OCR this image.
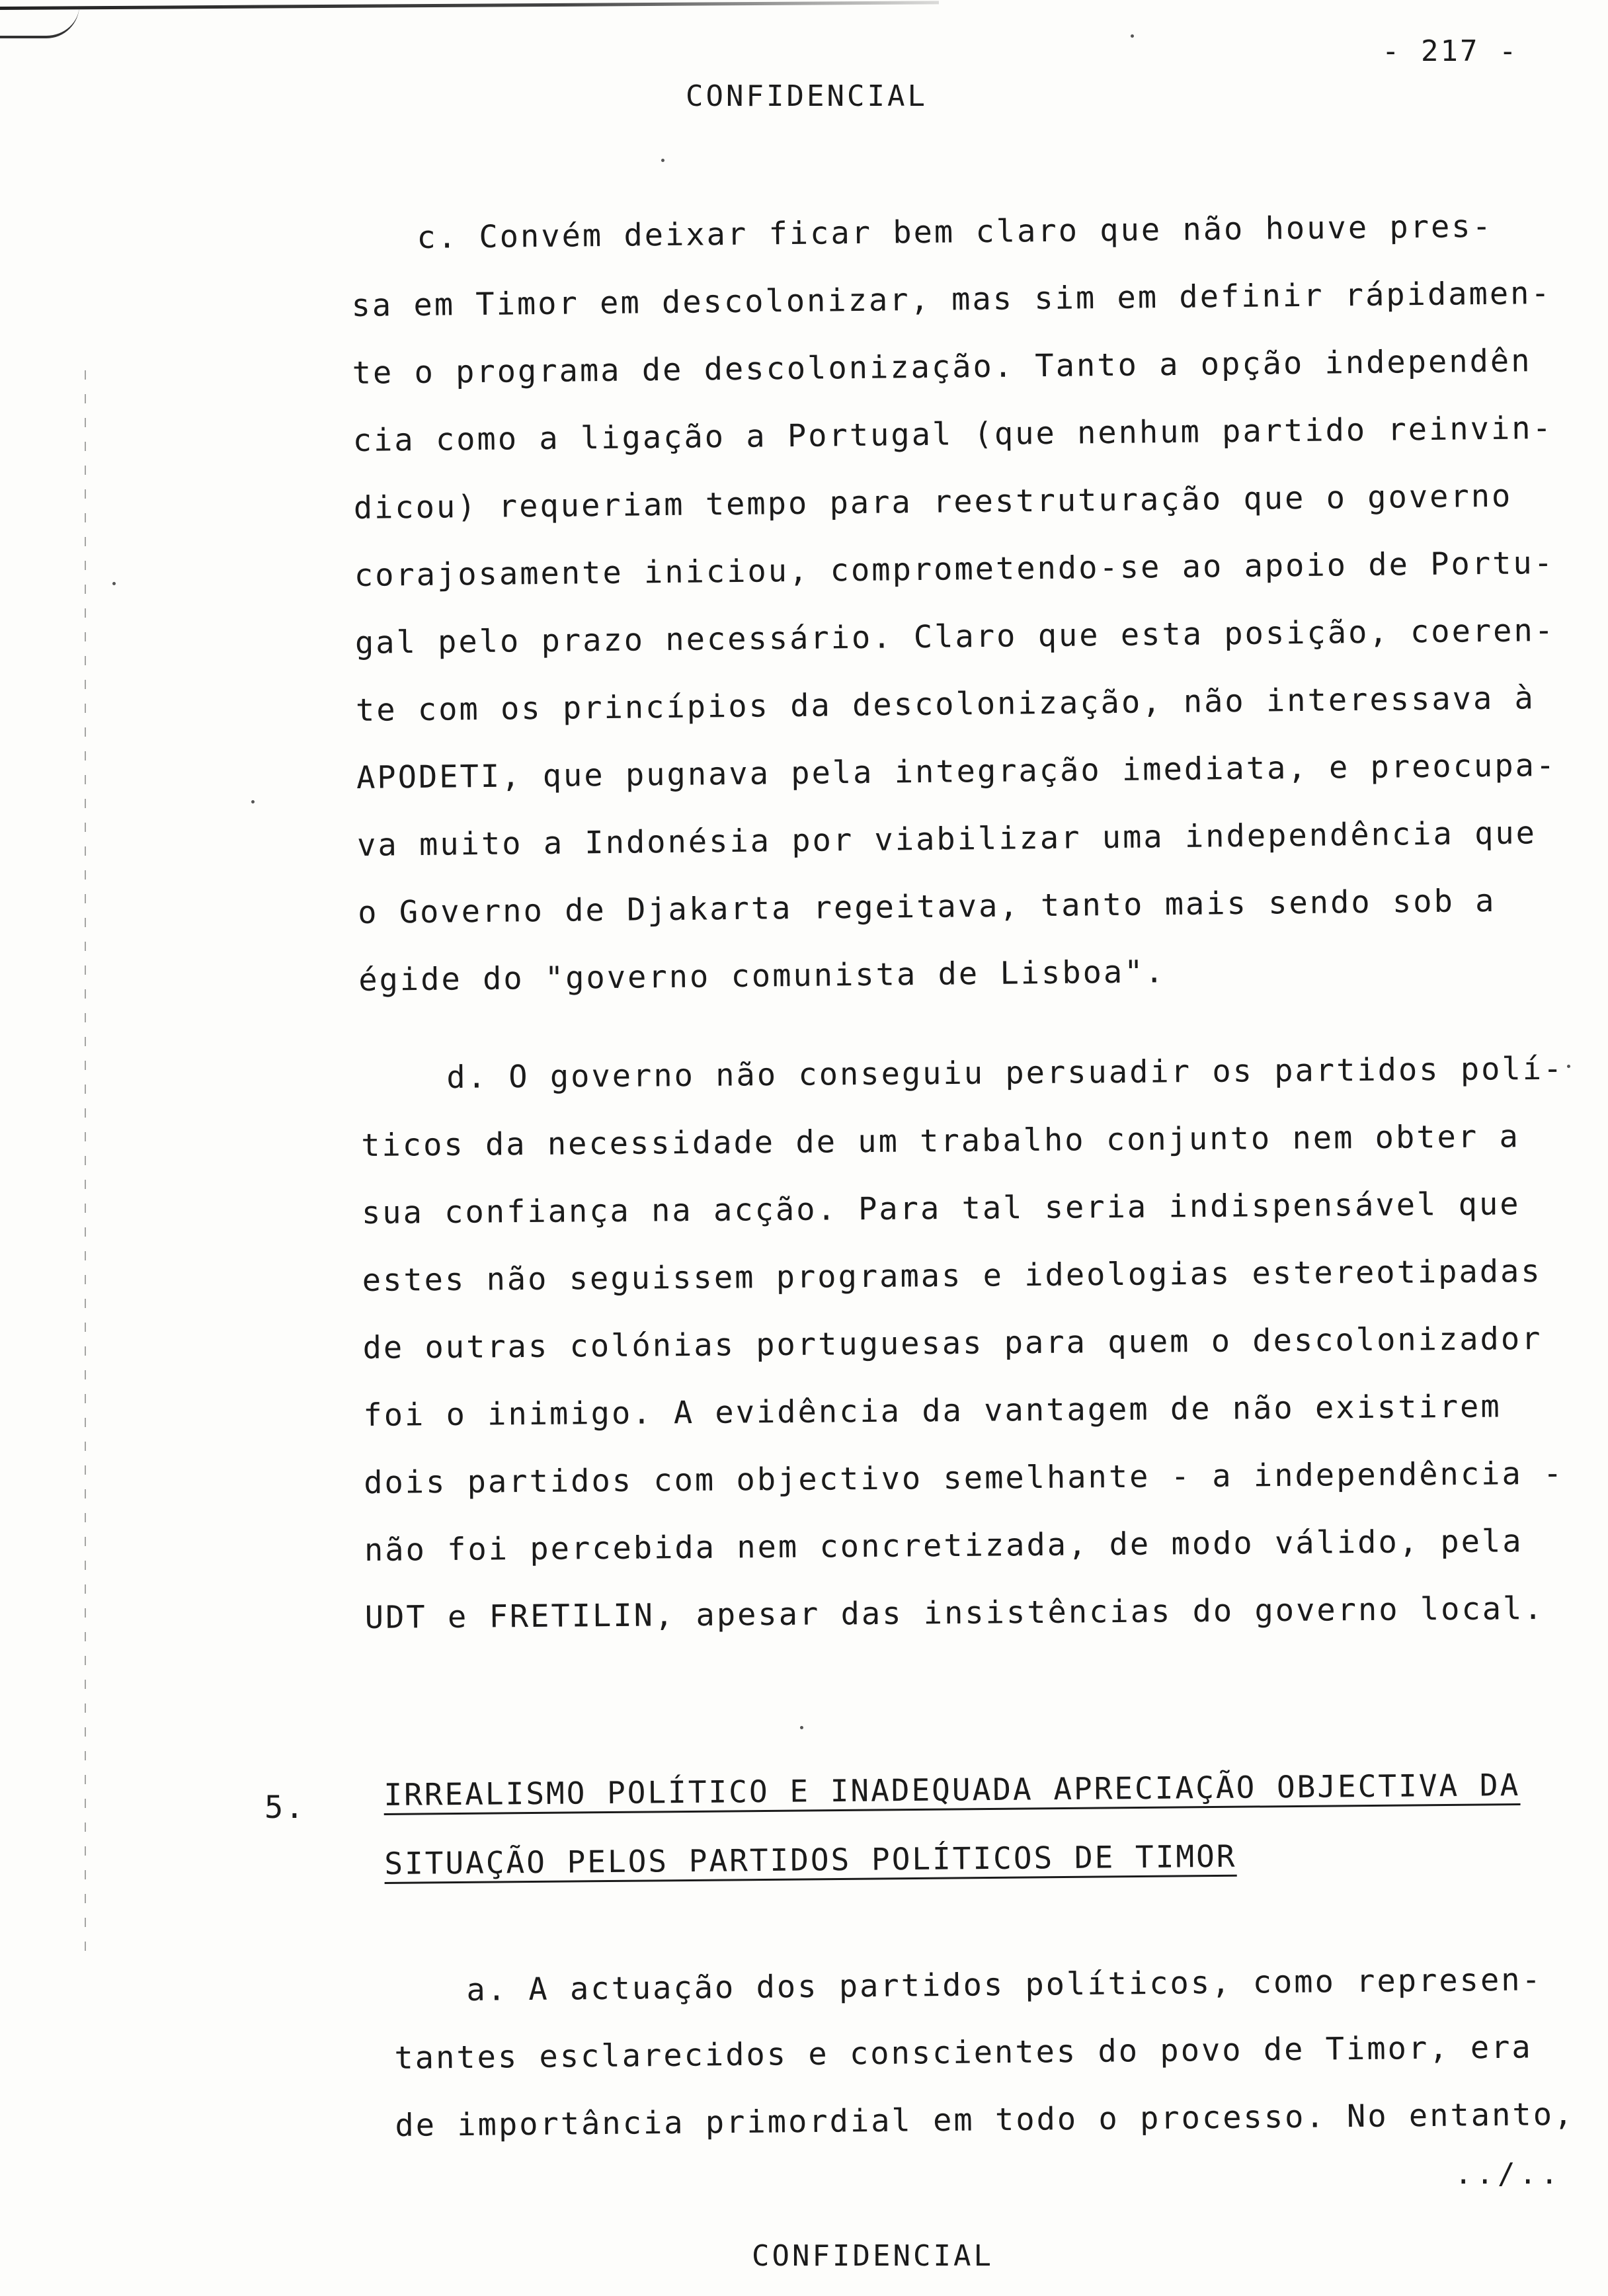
- 217 -
CONFIDENCIAL

c. Convém deixar ficar bem claro que não houve pres-

sa em Timor em descolonizar, mas sim em definir rápidamen-

te o programa de descolonização. Tanto a opção independên

cia como a ligação a Portugal (que nenhum partido reinvin-

dicou) requeriam tempo para reestruturação que o governo

corajosamente iniciou, comprometendo-se ao apoio de Portu-

gal pelo prazo necessário. Claro que esta posição, coeren-

te com os princípios da descolonização, não interessava à

APODETI, que pugnava pela integração imediata, e preocupa-

va muito a Indonésia por viabilizar uma independência que

o Governo de Djakarta regeitava, tanto mais sendo sob a

égide do "governo comunista de Lisboa".

d. O governo não conseguiu persuadir os partidos polí-

ticos da necessidade de um trabalho conjunto nem obter a

sua confiança na acção. Para tal seria indispensável que

estes não seguissem programas e ideologias estereotipadas

de outras colónias portuguesas para quem o descolonizador

foi o inimigo. A evidência da vantagem de não existirem

dois partidos com objectivo semelhante - a independência -

não foi percebida nem concretizada, de modo válido, pela

UDT e FRETILIN, apesar das insistências do governo local.

5.	IRREALISMO POLÍTICO E INADEQUADA APRECIAÇÃO OBJECTIVA DA

SITUAÇÃO PELOS PARTIDOS POLÍTICOS DE TIMOR

a. A actuação dos partidos políticos, como represen-

tantes esclarecidos e conscientes do povo de Timor, era

de importância primordial em todo o processo. No entanto,

../..
CONFIDENCIAL
